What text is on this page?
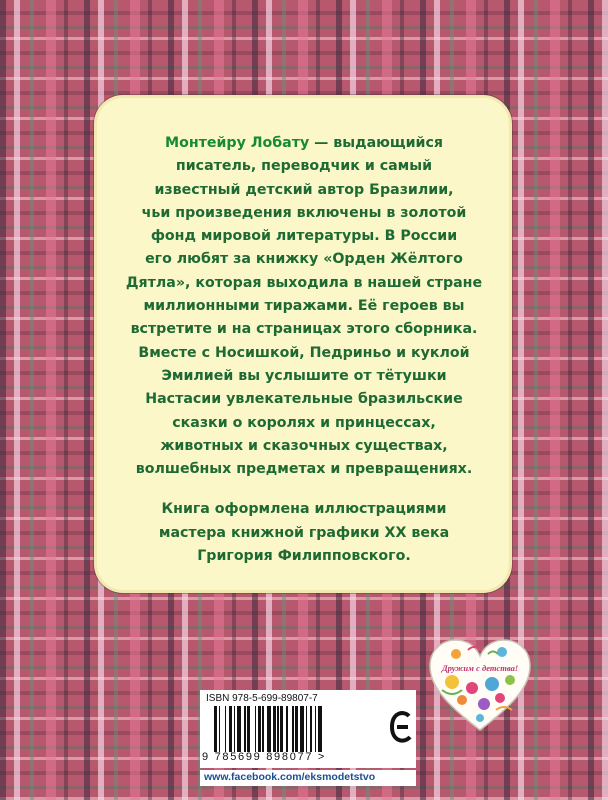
Монтейру Лобату — выдающийся

писатель, переводчик и самый

известный детский автор Бразилии,

чьи произведения включены в золотой

фонд мировой литературы. В России

его любят за книжку «Орден Жёлтого

Дятла», которая выходила в нашей стране

миллионными тиражами. Её героев вы

встретите и на страницах этого сборника.

Вместе с Носишкой, Педриньо и куклой

Эмилией вы услышите от тётушки

Настасии увлекательные бразильские

сказки о королях и принцессах,

животных и сказочных существах,

волшебных предметах и превращениях.

Книга оформлена иллюстрациями

мастера книжной графики XX века

Григория Филипповского.

ISBN 978-5-699-89807-7
9 785699 898077 >
www.facebook.com/eksmodetstvo
Дружим с детства!
